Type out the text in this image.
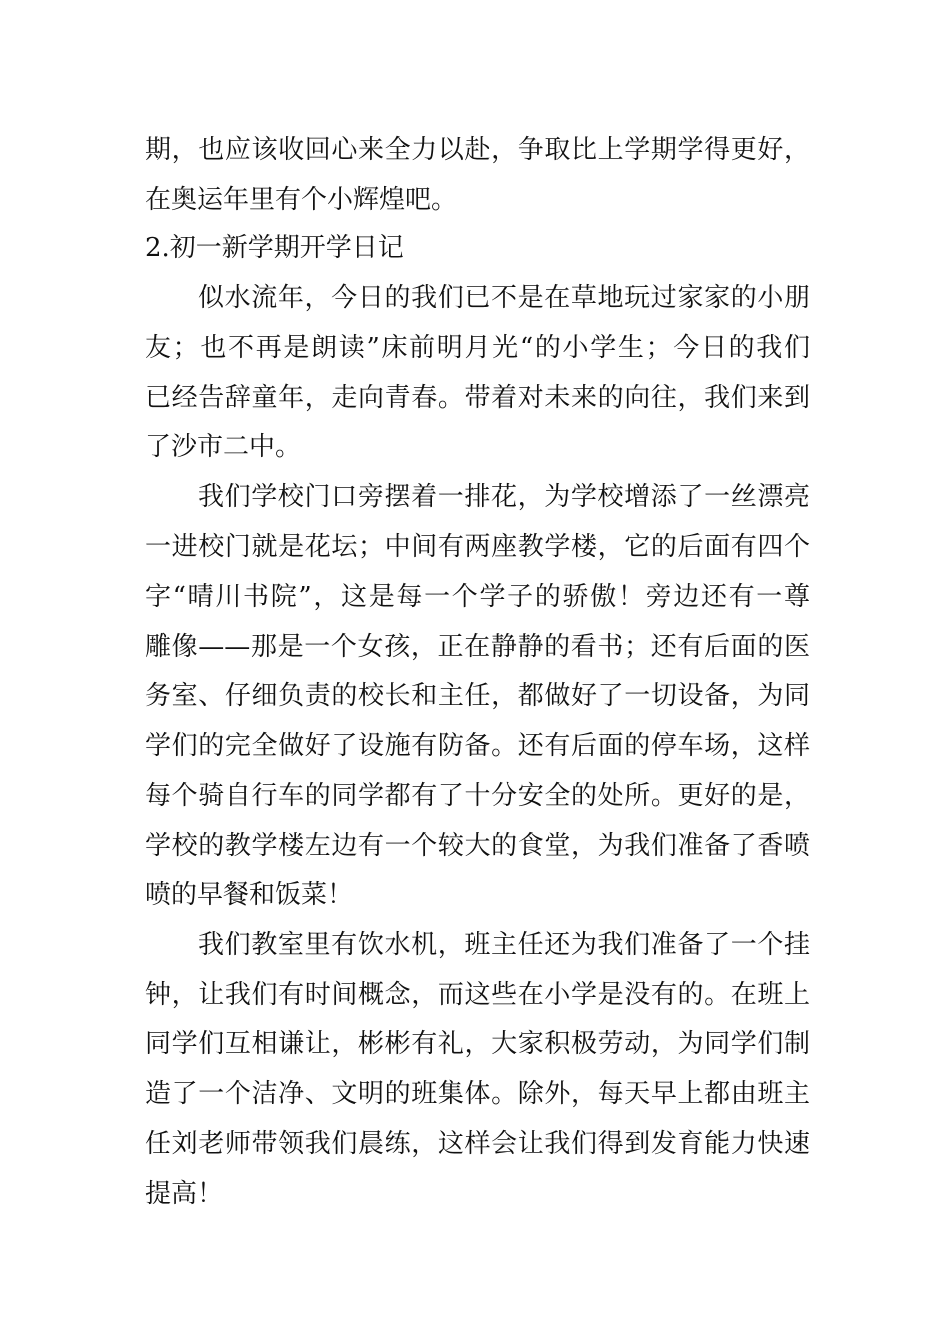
期，也应该收回心来全力以赴，争取比上学期学得更好，
在奥运年里有个小辉煌吧。
2.初一新学期开学日记
似水流年，今日的我们已不是在草地玩过家家的小朋
友；也不再是朗读”床前明月光“的小学生；今日的我们
已经告辞童年，走向青春。带着对未来的向往，我们来到
了沙市二中。
我们学校门口旁摆着一排花，为学校增添了一丝漂亮
一进校门就是花坛；中间有两座教学楼，它的后面有四个
字“晴川书院”，这是每一个学子的骄傲！旁边还有一尊
雕像——那是一个女孩，正在静静的看书；还有后面的医
务室、仔细负责的校长和主任，都做好了一切设备，为同
学们的完全做好了设施有防备。还有后面的停车场，这样
每个骑自行车的同学都有了十分安全的处所。更好的是，
学校的教学楼左边有一个较大的食堂，为我们准备了香喷
喷的早餐和饭菜！
我们教室里有饮水机，班主任还为我们准备了一个挂
钟，让我们有时间概念，而这些在小学是没有的。在班上
同学们互相谦让，彬彬有礼，大家积极劳动，为同学们制
造了一个洁净、文明的班集体。除外，每天早上都由班主
任刘老师带领我们晨练，这样会让我们得到发育能力快速
提高！
